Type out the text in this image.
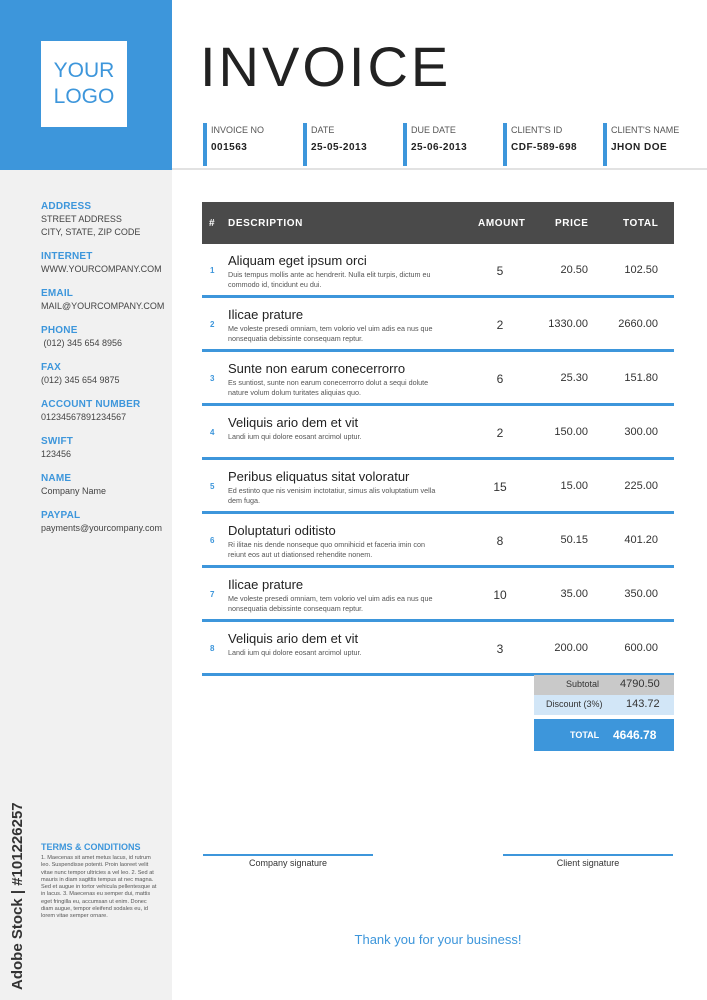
YOUR
LOGO
ADDRESS
STREET ADDRESS
CITY, STATE, ZIP CODE
INTERNET
WWW.YOURCOMPANY.COM
EMAIL
MAIL@YOURCOMPANY.COM
PHONE
(012) 345 654 8956
FAX
(012) 345 654 9875
ACCOUNT NUMBER
01234567891234567
SWIFT
123456
NAME
Company Name
PAYPAL
payments@yourcompany.com
Adobe Stock | #101226257 TERMS & CONDITIONS
1. Maecenas sit amet metus lacus, id rutrum leo. Suspendisse potenti. Proin laoreet velit vitae nunc tempor ultricies a vel leo. 2. Sed at mauris in diam sagittis tempus at nec magna. Sed et augue in tortor vehicula pellentesque at in lacus. 3. Maecenas eu semper dui, mattis eget fringilla eu, accumsan ut enim. Donec diam augue, tempor eleifend sodales eu, id lorem vitae semper ornare.
INVOICE
INVOICE NO
001563
DATE
25-05-2013
DUE DATE
25-06-2013
CLIENT'S ID
CDF-589-698
CLIENT'S NAME
JHON DOE
# DESCRIPTION	AMOUNT	PRICE	TOTAL
1
Aliquam eget ipsum orci
Duis tempus mollis ante ac hendrerit. Nulla elit turpis, dictum eu commodo id, tincidunt eu dui.
5	20.50	102.50
2
Ilicae prature
Me voleste presedi omniam, tem volorio vel uim adis ea nus que nonsequatia debissinte consequam reptur.
2	1330.00	2660.00
3
Sunte non earum conecerrorro
Es suntiost, sunte non earum conecerrorro dolut a sequi dolute nature volum dolum turitates aliquias quo.
6	25.30	151.80
4
Veliquis ario dem et vit
Landi ium qui dolore eosant arcimol uptur.	2	150.00	300.00
5
Peribus eliquatus sitat voloratur
Ed estinto que nis venisim inctotatiur, simus alis voluptatium vella dem fuga.
15	15.00	225.00
6
Doluptaturi oditisto
Ri ilitae nis dende nonseque quo omnihicid et faceria imin con reiunt eos aut ut diationsed rehendite nonem.
8	50.15	401.20
7
Ilicae prature
Me voleste presedi omniam, tem volorio vel uim adis ea nus que nonsequatia debissinte consequam reptur.
10	35.00	350.00
8
Veliquis ario dem et vit
Landi ium qui dolore eosant arcimol uptur.	3	200.00	600.00
Subtotal 4790.50
Discount (3%) 143.72
TOTAL 4646.78
Company signature	Client signature
Thank you for your business!
